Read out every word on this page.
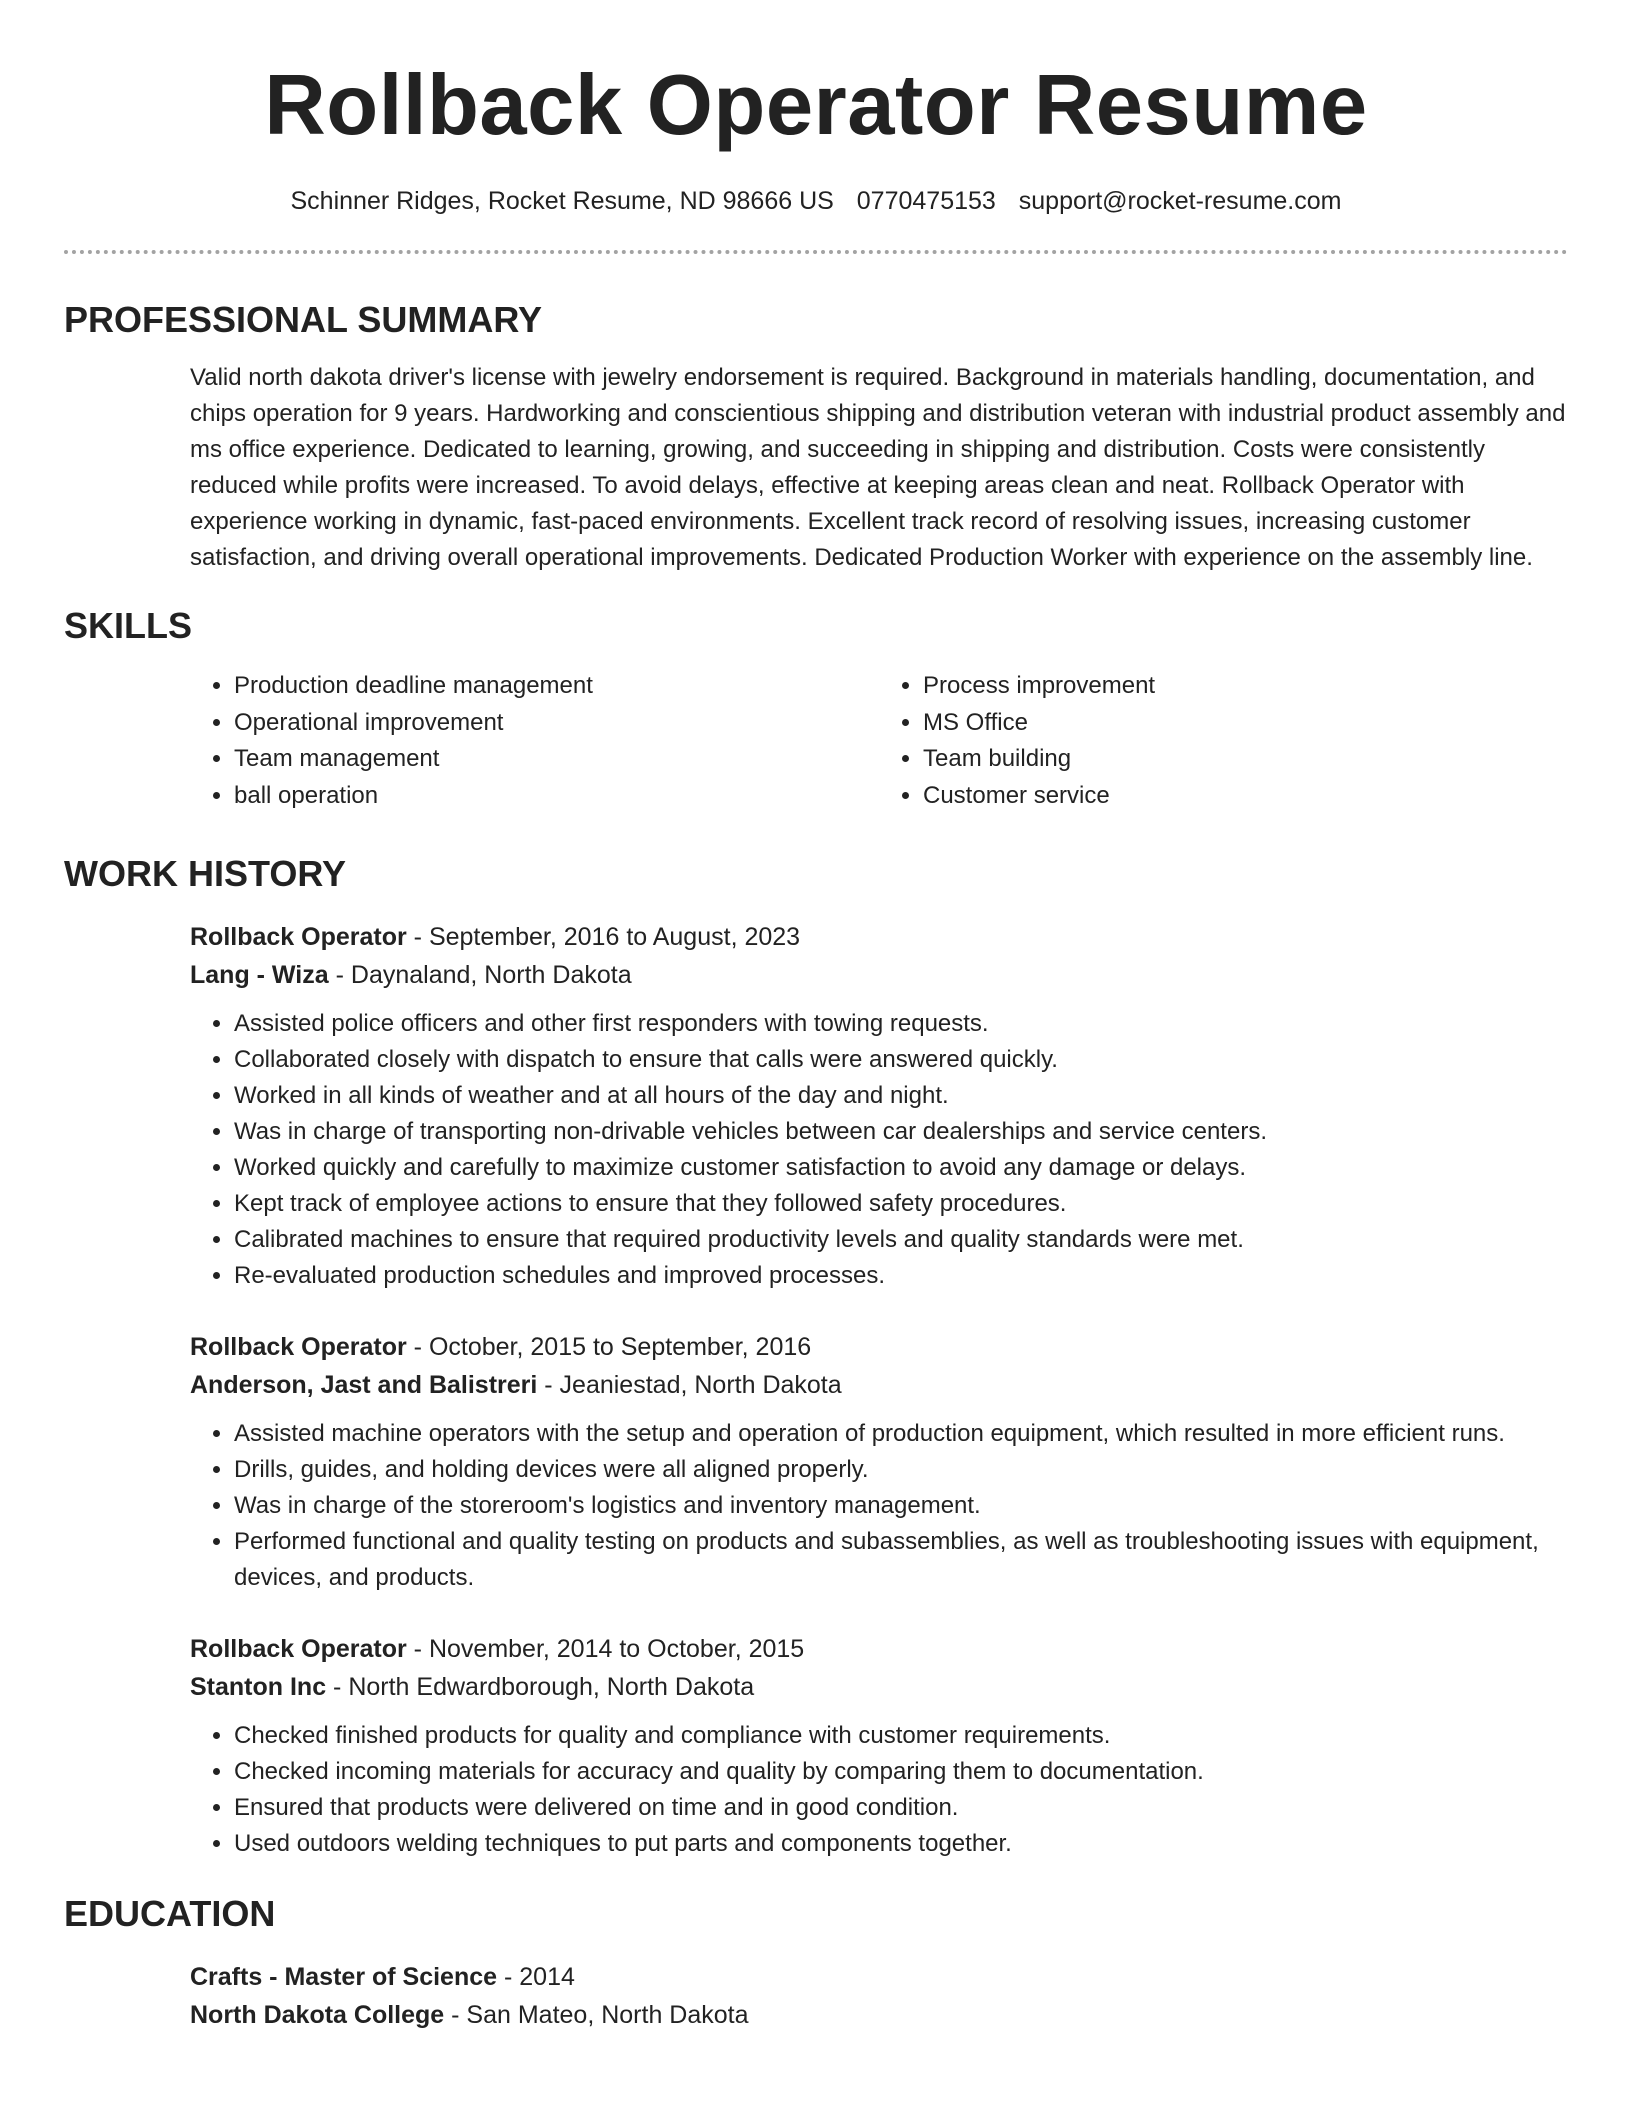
Rollback Operator Resume
Schinner Ridges, Rocket Resume, ND 98666 US 0770475153 support@rocket-resume.com
PROFESSIONAL SUMMARY

Valid north dakota driver's license with jewelry endorsement is required. Background in materials handling, documentation, and chips operation for 9 years. Hardworking and conscientious shipping and distribution veteran with industrial product assembly and ms office experience. Dedicated to learning, growing, and succeeding in shipping and distribution. Costs were consistently reduced while profits were increased. To avoid delays, effective at keeping areas clean and neat. Rollback Operator with experience working in dynamic, fast-paced environments. Excellent track record of resolving issues, increasing customer satisfaction, and driving overall operational improvements. Dedicated Production Worker with experience on the assembly line.

SKILLS
• Production deadline management
• Operational improvement
• Team management
• ball operation
• Process improvement
• MS Office
• Team building
• Customer service
WORK HISTORY
Rollback Operator - September, 2016 to August, 2023
Lang - Wiza - Daynaland, North Dakota
• Assisted police officers and other first responders with towing requests.
• Collaborated closely with dispatch to ensure that calls were answered quickly.
• Worked in all kinds of weather and at all hours of the day and night.
• Was in charge of transporting non-drivable vehicles between car dealerships and service centers.
• Worked quickly and carefully to maximize customer satisfaction to avoid any damage or delays.
• Kept track of employee actions to ensure that they followed safety procedures.
• Calibrated machines to ensure that required productivity levels and quality standards were met.
• Re-evaluated production schedules and improved processes.
Rollback Operator - October, 2015 to September, 2016
Anderson, Jast and Balistreri - Jeaniestad, North Dakota
• Assisted machine operators with the setup and operation of production equipment, which resulted in more efficient runs.
• Drills, guides, and holding devices were all aligned properly.
• Was in charge of the storeroom's logistics and inventory management.
• Performed functional and quality testing on products and subassemblies, as well as troubleshooting issues with equipment, devices, and products.
Rollback Operator - November, 2014 to October, 2015
Stanton Inc - North Edwardborough, North Dakota
• Checked finished products for quality and compliance with customer requirements.
• Checked incoming materials for accuracy and quality by comparing them to documentation.
• Ensured that products were delivered on time and in good condition.
• Used outdoors welding techniques to put parts and components together.
EDUCATION
Crafts - Master of Science - 2014
North Dakota College - San Mateo, North Dakota
